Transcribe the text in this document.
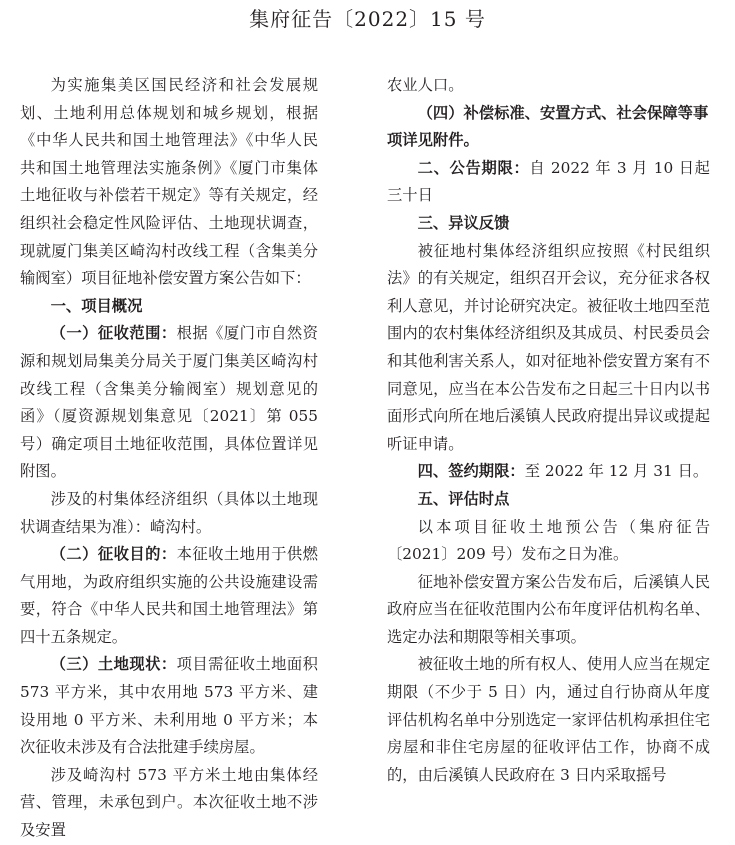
集府征告〔2022〕15 号

为实施集美区国民经济和社会发展规划、土地利用总体规划和城乡规划，根据《中华人民共和国土地管理法》《中华人民共和国土地管理法实施条例》《厦门市集体土地征收与补偿若干规定》等有关规定，经组织社会稳定性风险评估、土地现状调查，现就厦门集美区崎沟村改线工程（含集美分输阀室）项目征地补偿安置方案公告如下：

一、项目概况

（一）征收范围：根据《厦门市自然资源和规划局集美分局关于厦门集美区崎沟村改线工程（含集美分输阀室）规划意见的函》（厦资源规划集意见〔2021〕第 055 号）确定项目土地征收范围，具体位置详见附图。

涉及的村集体经济组织（具体以土地现状调查结果为准）：崎沟村。

（二）征收目的：本征收土地用于供燃气用地，为政府组织实施的公共设施建设需要，符合《中华人民共和国土地管理法》第四十五条规定。

（三）土地现状：项目需征收土地面积 573 平方米，其中农用地 573 平方米、建设用地 0 平方米、未利用地 0 平方米；本次征收未涉及有合法批建手续房屋。

涉及崎沟村 573 平方米土地由集体经营、管理，未承包到户。本次征收土地不涉及安置

农业人口。

（四）补偿标准、安置方式、社会保障等事项详见附件。

二、公告期限：自 2022 年 3 月 10 日起三十日

三、异议反馈

被征地村集体经济组织应按照《村民组织法》的有关规定，组织召开会议，充分征求各权利人意见，并讨论研究决定。被征收土地四至范围内的农村集体经济组织及其成员、村民委员会和其他利害关系人，如对征地补偿安置方案有不同意见，应当在本公告发布之日起三十日内以书面形式向所在地后溪镇人民政府提出异议或提起听证申请。

四、签约期限：至 2022 年 12 月 31 日。

五、评估时点

以本项目征收土地预公告（集府征告〔2021〕209 号）发布之日为准。

征地补偿安置方案公告发布后，后溪镇人民政府应当在征收范围内公布年度评估机构名单、选定办法和期限等相关事项。

被征收土地的所有权人、使用人应当在规定期限（不少于 5 日）内，通过自行协商从年度评估机构名单中分别选定一家评估机构承担住宅房屋和非住宅房屋的征收评估工作，协商不成的，由后溪镇人民政府在 3 日内采取摇号
